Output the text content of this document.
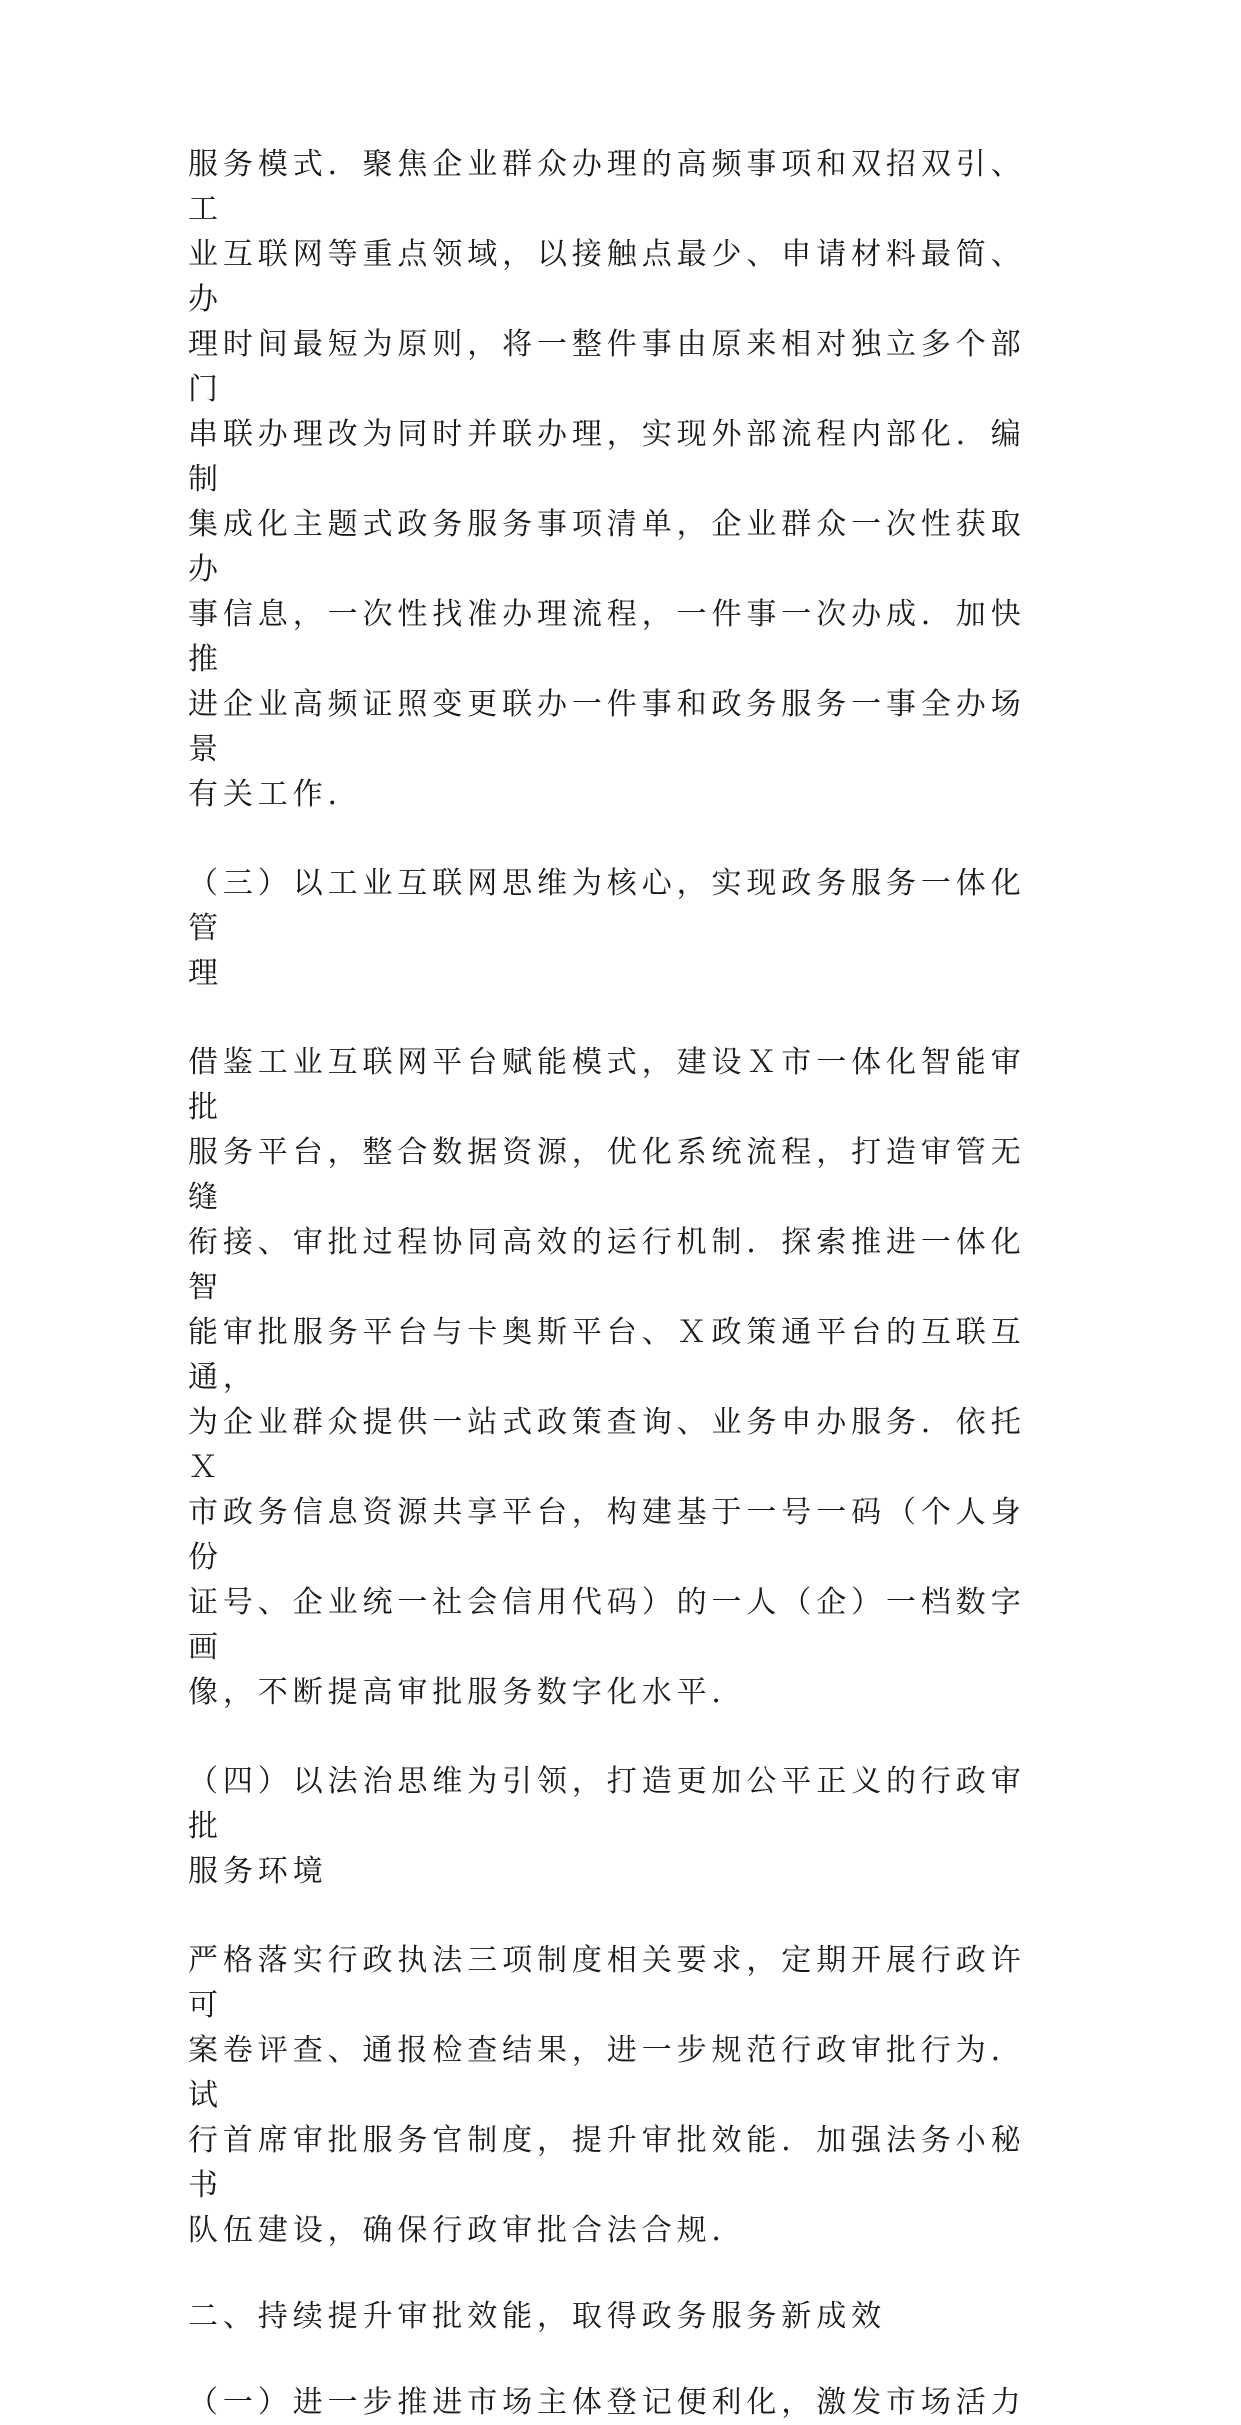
服务模式．聚焦企业群众办理的高频事项和双招双引、工
业互联网等重点领域，以接触点最少、申请材料最简、办
理时间最短为原则，将一整件事由原来相对独立多个部门
串联办理改为同时并联办理，实现外部流程内部化．编制
集成化主题式政务服务事项清单，企业群众一次性获取办
事信息，一次性找准办理流程，一件事一次办成．加快推
进企业高频证照变更联办一件事和政务服务一事全办场景
有关工作．

（三）以工业互联网思维为核心，实现政务服务一体化管
理

借鉴工业互联网平台赋能模式，建设Ｘ市一体化智能审批
服务平台，整合数据资源，优化系统流程，打造审管无缝
衔接、审批过程协同高效的运行机制．探索推进一体化智
能审批服务平台与卡奥斯平台、Ｘ政策通平台的互联互通，
为企业群众提供一站式政策查询、业务申办服务．依托Ｘ
市政务信息资源共享平台，构建基于一号一码（个人身份
证号、企业统一社会信用代码）的一人（企）一档数字画
像，不断提高审批服务数字化水平．

（四）以法治思维为引领，打造更加公平正义的行政审批
服务环境

严格落实行政执法三项制度相关要求，定期开展行政许可
案卷评查、通报检查结果，进一步规范行政审批行为．试
行首席审批服务官制度，提升审批效能．加强法务小秘书
队伍建设，确保行政审批合法合规．

二、持续提升审批效能，取得政务服务新成效

（一）进一步推进市场主体登记便利化，激发市场活力
